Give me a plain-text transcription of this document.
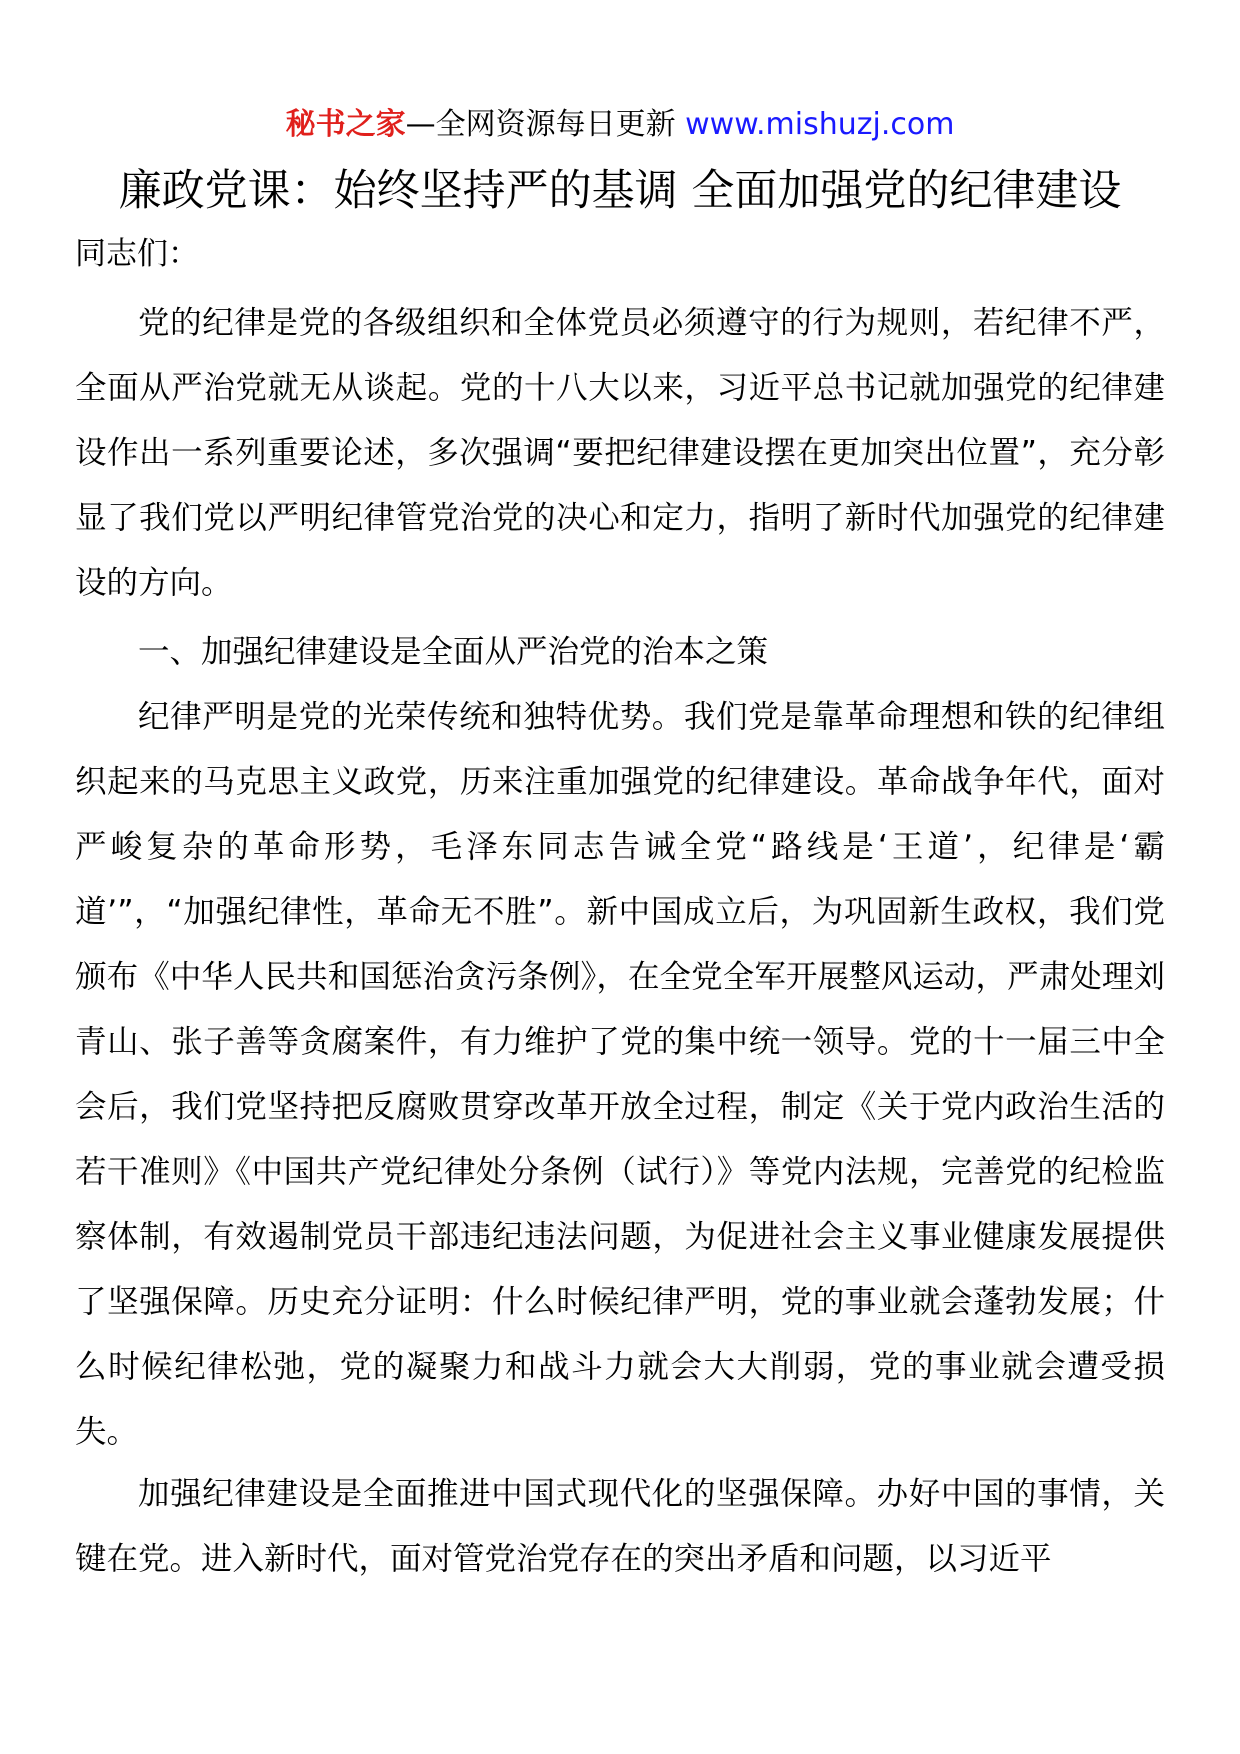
秘书之家—全网资源每日更新 www.mishuzj.com
廉政党课：始终坚持严的基调 全面加强党的纪律建设
同志们：

党的纪律是党的各级组织和全体党员必须遵守的行为规则，若纪律不严，全面从严治党就无从谈起。党的十八大以来，习近平总书记就加强党的纪律建设作出一系列重要论述，多次强调“要把纪律建设摆在更加突出位置”，充分彰显了我们党以严明纪律管党治党的决心和定力，指明了新时代加强党的纪律建设的方向。

一、加强纪律建设是全面从严治党的治本之策

纪律严明是党的光荣传统和独特优势。我们党是靠革命理想和铁的纪律组织起来的马克思主义政党，历来注重加强党的纪律建设。革命战争年代，面对严峻复杂的革命形势，毛泽东同志告诫全党“路线是‘王道’，纪律是‘霸道’”，“加强纪律性，革命无不胜”。新中国成立后，为巩固新生政权，我们党颁布《中华人民共和国惩治贪污条例》，在全党全军开展整风运动，严肃处理刘青山、张子善等贪腐案件，有力维护了党的集中统一领导。党的十一届三中全会后，我们党坚持把反腐败贯穿改革开放全过程，制定《关于党内政治生活的若干准则》《中国共产党纪律处分条例（试行）》等党内法规，完善党的纪检监察体制，有效遏制党员干部违纪违法问题，为促进社会主义事业健康发展提供了坚强保障。历史充分证明：什么时候纪律严明，党的事业就会蓬勃发展；什么时候纪律松弛，党的凝聚力和战斗力就会大大削弱，党的事业就会遭受损失。

加强纪律建设是全面推进中国式现代化的坚强保障。办好中国的事情，关键在党。进入新时代，面对管党治党存在的突出矛盾和问题，以习近平
